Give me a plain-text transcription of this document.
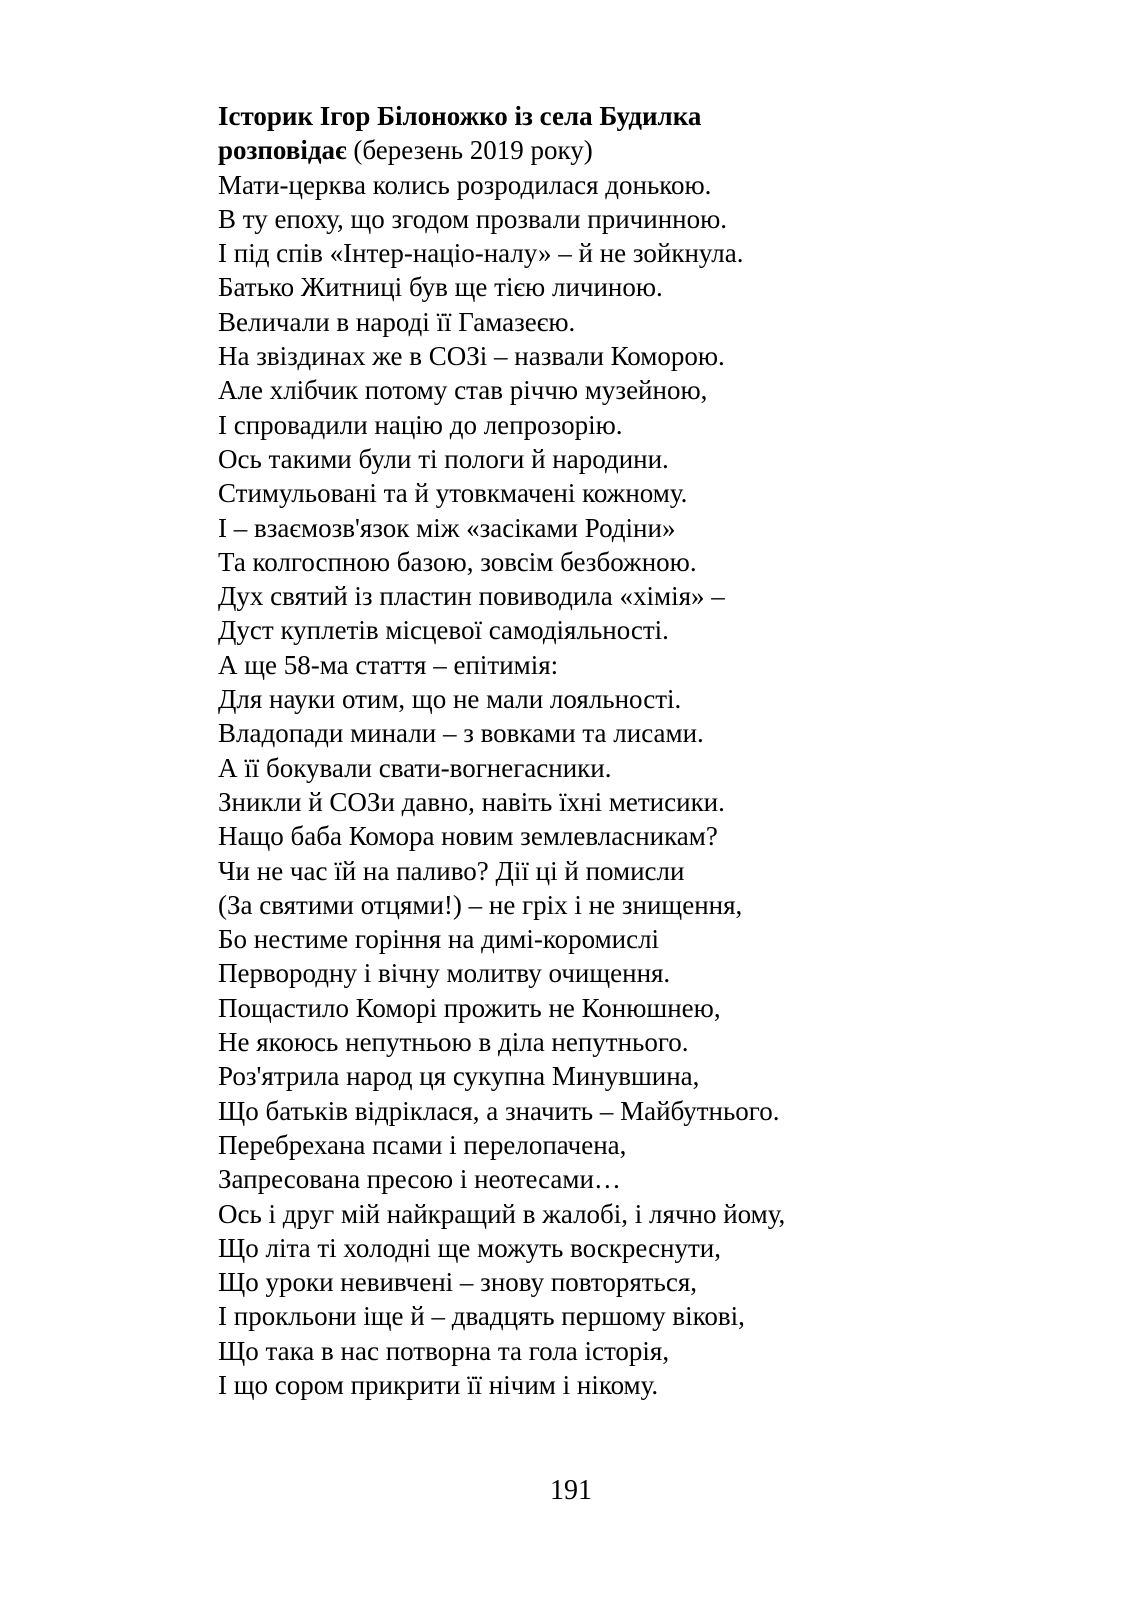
Історик Ігор Білоножко із села Будилка
розповідає (березень 2019 року)
Мати-церква колись розродилася донькою.
В ту епоху, що згодом прозвали причинною.
І під спів «Інтер-націо-налу» – й не зойкнула.
Батько Житниці був ще тією личиною.
Величали в народі її Гамазеєю.
На звіздинах же в СОЗі – назвали Коморою.
Але хлібчик потому став річчю музейною,
І спровадили націю до лепрозорію.
Ось такими були ті пологи й народини.
Стимульовані та й утовкмачені кожному.
І – взаємозв'язок між «засіками Родіни»
Та колгоспною базою, зовсім безбожною.
Дух святий із пластин повиводила «хімія» –
Дуст куплетів місцевої самодіяльності.
А ще 58-ма стаття – епітимія:
Для науки отим, що не мали лояльності.
Владопади минали – з вовками та лисами.
А її бокували свати-вогнегасники.
Зникли й СОЗи давно, навіть їхні метисики.
Нащо баба Комора новим землевласникам?
Чи не час їй на паливо? Дії ці й помисли
(За святими отцями!) – не гріх і не знищення,
Бо нестиме горіння на димі-коромислі
Первородну і вічну молитву очищення.
Пощастило Коморі прожить не Конюшнею,
Не якоюсь непутньою в діла непутнього.
Роз'ятрила народ ця сукупна Минувшина,
Що батьків відріклася, а значить – Майбутнього.
Перебрехана псами і перелопачена,
Запресована пресою і неотесами…
Ось і друг мій найкращий в жалобі, і лячно йому,
Що літа ті холодні ще можуть воскреснути,
Що уроки невивчені – знову повторяться,
І прокльони іще й – двадцять першому вікові,
Що така в нас потворна та гола історія,
І що сором прикрити її нічим і нікому.
191
